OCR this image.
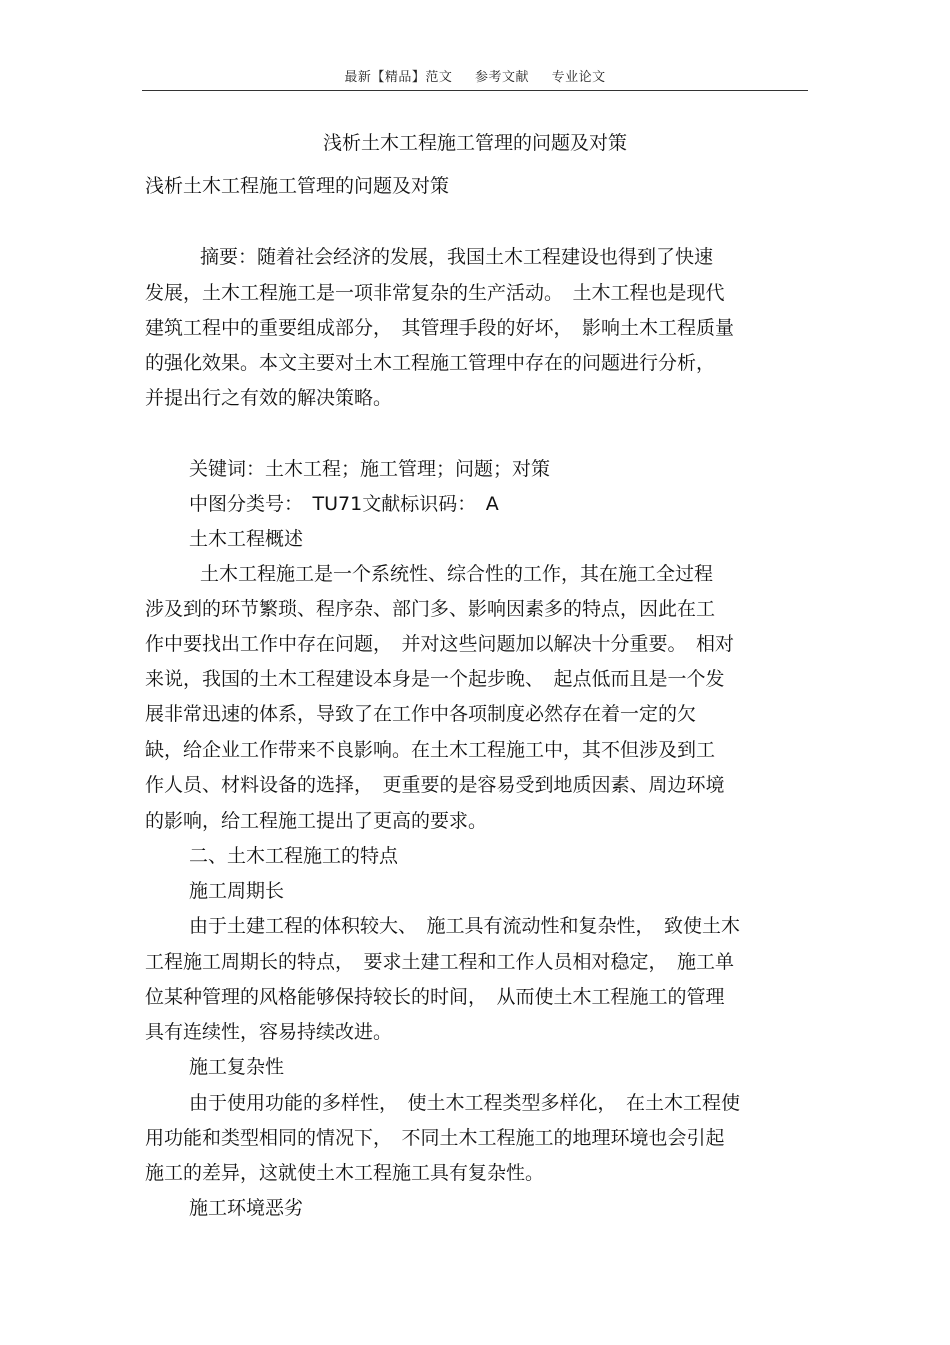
最新【精品】范文 参考文献 专业论文
浅析土木工程施工管理的问题及对策
浅析土木工程施工管理的问题及对策
摘要：随着社会经济的发展，我国土木工程建设也得到了快速
发展，土木工程施工是一项非常复杂的生产活动。　土木工程也是现代
建筑工程中的重要组成部分，　其管理手段的好坏，　影响土木工程质量
的强化效果。本文主要对土木工程施工管理中存在的问题进行分析，
并提出行之有效的解决策略。
关键词：土木工程；施工管理；问题；对策
中图分类号：　TU71文献标识码：　A
土木工程概述
土木工程施工是一个系统性、综合性的工作，其在施工全过程
涉及到的环节繁琐、程序杂、部门多、影响因素多的特点，因此在工
作中要找出工作中存在问题，　并对这些问题加以解决十分重要。　相对
来说，我国的土木工程建设本身是一个起步晚、　起点低而且是一个发
展非常迅速的体系，导致了在工作中各项制度必然存在着一定的欠
缺，给企业工作带来不良影响。在土木工程施工中，其不但涉及到工
作人员、材料设备的选择，　更重要的是容易受到地质因素、周边环境
的影响，给工程施工提出了更高的要求。
二、土木工程施工的特点
施工周期长
由于土建工程的体积较大、　施工具有流动性和复杂性，　致使土木
工程施工周期长的特点，　要求土建工程和工作人员相对稳定，　施工单
位某种管理的风格能够保持较长的时间，　从而使土木工程施工的管理
具有连续性，容易持续改进。
施工复杂性
由于使用功能的多样性，　使土木工程类型多样化，　在土木工程使
用功能和类型相同的情况下，　不同土木工程施工的地理环境也会引起
施工的差异，这就使土木工程施工具有复杂性。
施工环境恶劣
